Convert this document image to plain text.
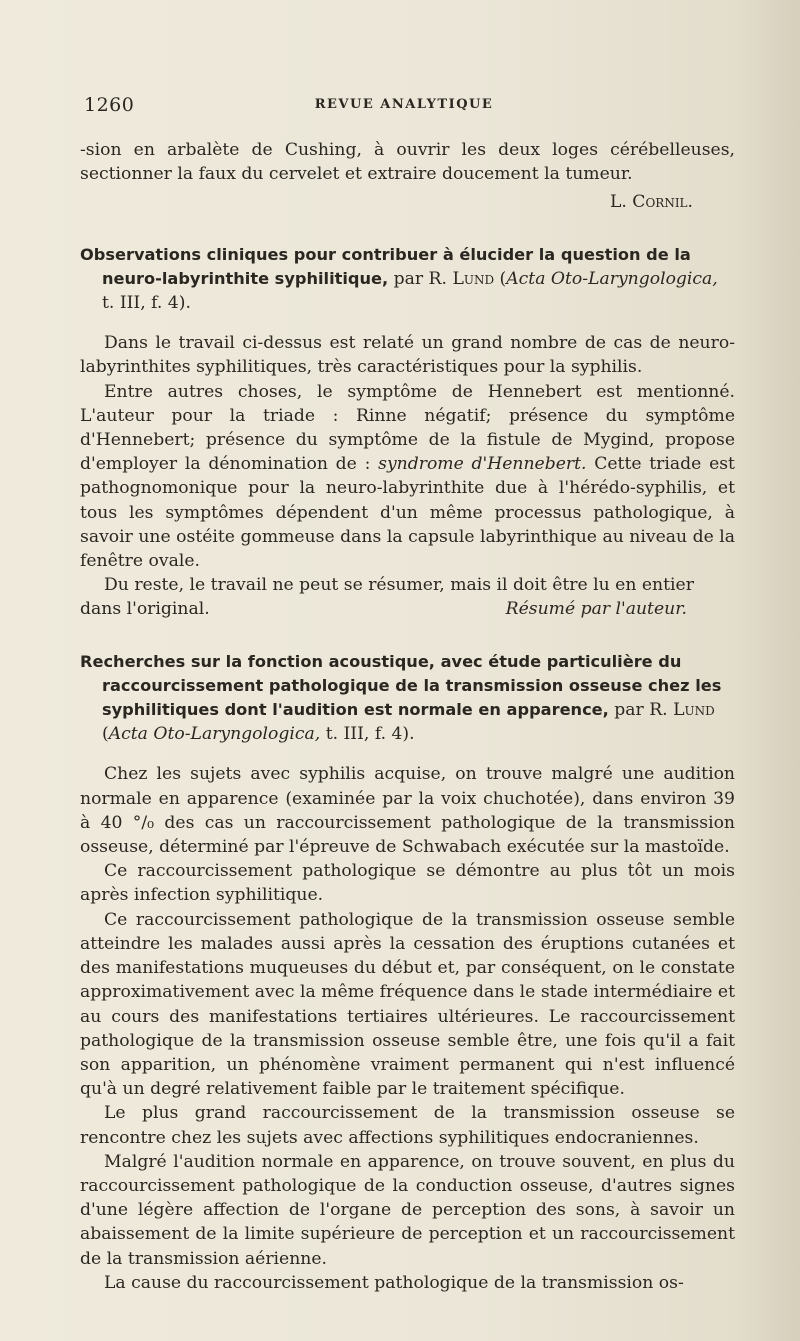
1260	REVUE ANALYTIQUE

-sion en arbalète de Cushing, à ouvrir les deux loges cérébelleuses, sectionner la faux du cervelet et extraire doucement la tumeur.

L. Cornil.

Observations cliniques pour contribuer à élucider la question de la neuro-labyrinthite syphilitique, par R. Lund (Acta Oto-Laryngologica, t. III, f. 4).

Dans le travail ci-dessus est relaté un grand nombre de cas de neuro-labyrinthites syphilitiques, très caractéristiques pour la syphilis.

Entre autres choses, le symptôme de Hennebert est mentionné. L'auteur pour la triade : Rinne négatif; présence du symptôme d'Hennebert; présence du symptôme de la fistule de Mygind, propose d'employer la dénomination de : syndrome d'Hennebert. Cette triade est pathognomonique pour la neuro-labyrinthite due à l'hérédo-syphilis, et tous les symptômes dépendent d'un même processus pathologique, à savoir une ostéite gommeuse dans la capsule labyrinthique au niveau de la fenêtre ovale.

Du reste, le travail ne peut se résumer, mais il doit être lu en entier

dans l'original.	Résumé par l'auteur.

Recherches sur la fonction acoustique, avec étude particulière du raccourcissement pathologique de la transmission osseuse chez les syphilitiques dont l'audition est normale en apparence, par R. Lund (Acta Oto-Laryngologica, t. III, f. 4).

Chez les sujets avec syphilis acquise, on trouve malgré une audition normale en apparence (examinée par la voix chuchotée), dans environ 39 à 40 °/₀ des cas un raccourcissement pathologique de la transmission osseuse, déterminé par l'épreuve de Schwabach exécutée sur la mastoïde.

Ce raccourcissement pathologique se démontre au plus tôt un mois après infection syphilitique.

Ce raccourcissement pathologique de la transmission osseuse semble atteindre les malades aussi après la cessation des éruptions cutanées et des manifestations muqueuses du début et, par conséquent, on le constate approximativement avec la même fréquence dans le stade intermédiaire et au cours des manifestations tertiaires ultérieures. Le raccourcissement pathologique de la transmission osseuse semble être, une fois qu'il a fait son apparition, un phénomène vraiment permanent qui n'est influencé qu'à un degré relativement faible par le traitement spécifique.

Le plus grand raccourcissement de la transmission osseuse se rencontre chez les sujets avec affections syphilitiques endocraniennes.

Malgré l'audition normale en apparence, on trouve souvent, en plus du raccourcissement pathologique de la conduction osseuse, d'autres signes d'une légère affection de l'organe de perception des sons, à savoir un abaissement de la limite supérieure de perception et un raccourcissement de la transmission aérienne.

La cause du raccourcissement pathologique de la transmission os-
